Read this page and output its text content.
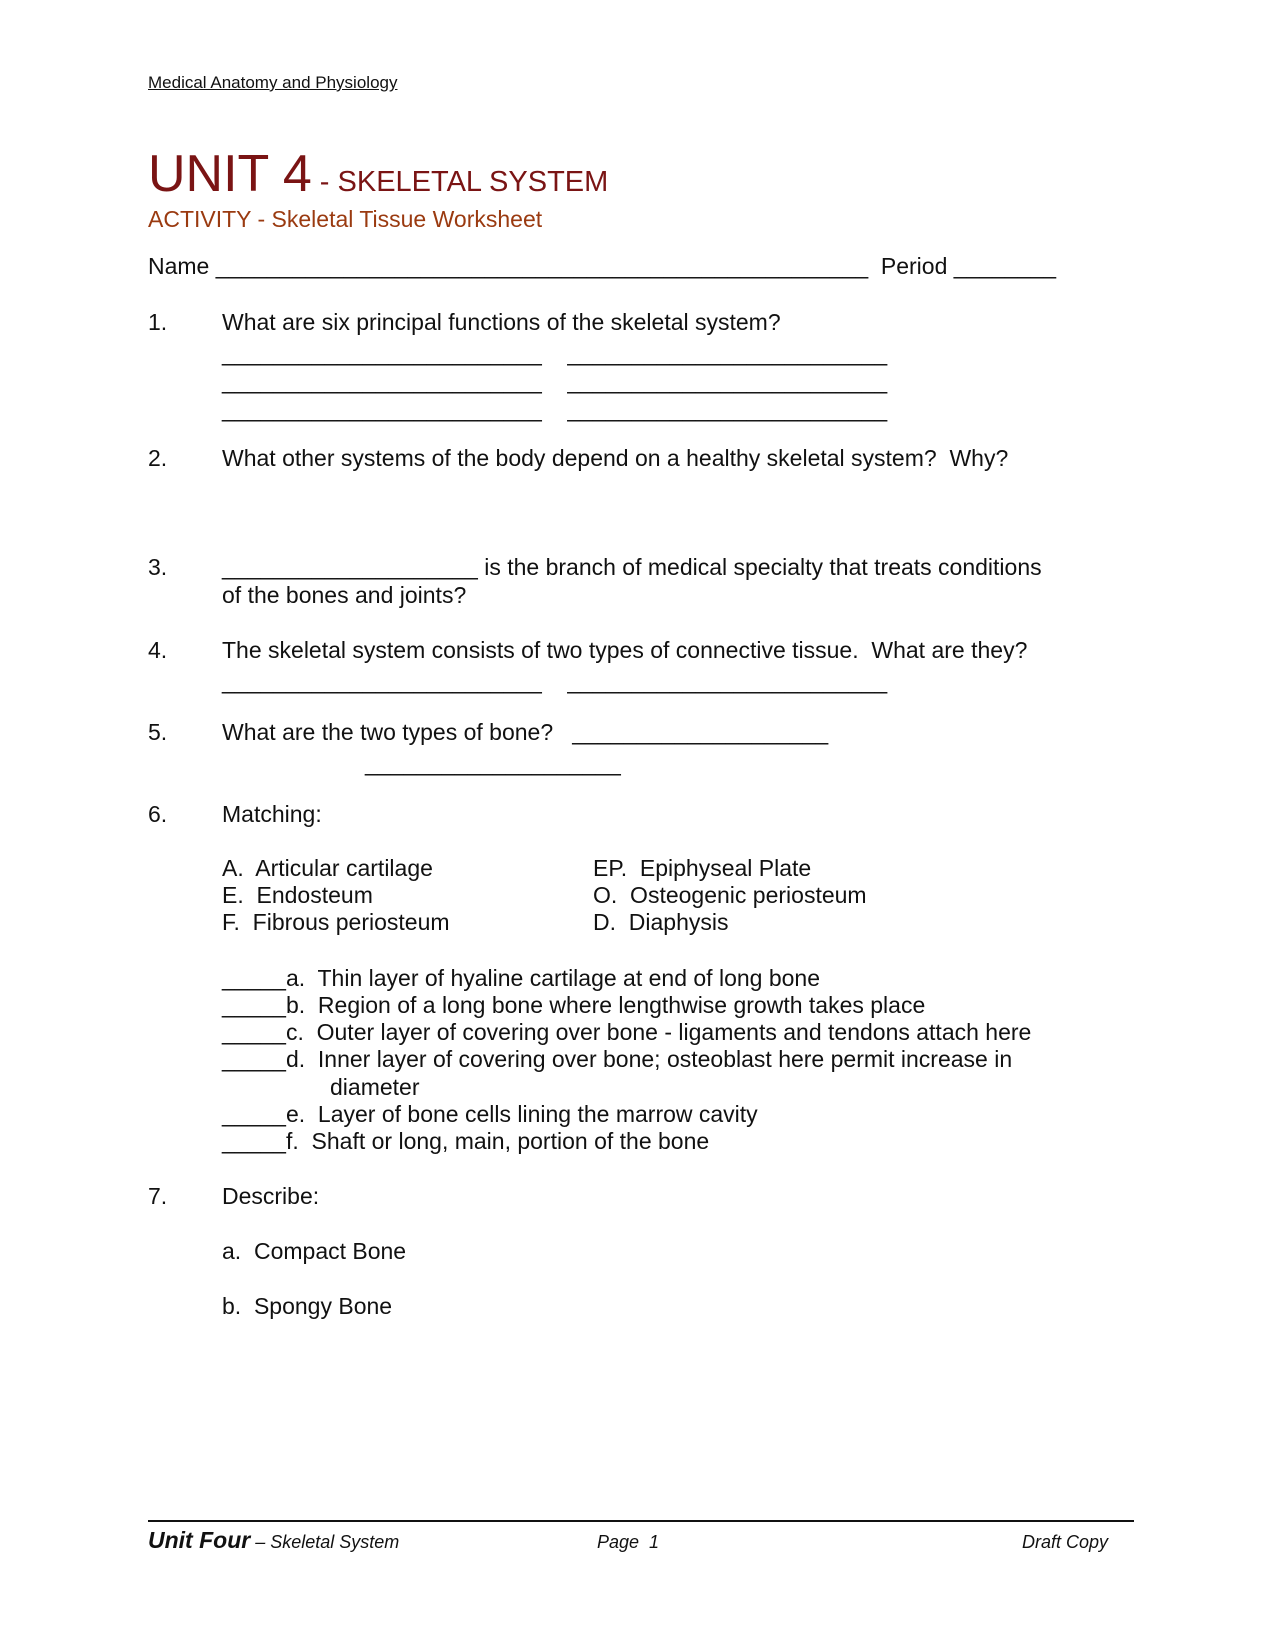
Medical Anatomy and Physiology
UNIT 4 - SKELETAL SYSTEM
ACTIVITY - Skeletal Tissue Worksheet
Name ___________________________________________________  Period ________
1. What are six principal functions of the skeletal system?
_________________________    _________________________
_________________________    _________________________
_________________________    _________________________
2. What other systems of the body depend on a healthy skeletal system?  Why?
3. ____________________ is the branch of medical specialty that treats conditions
of the bones and joints?
4. The skeletal system consists of two types of connective tissue.  What are they?
_________________________    _________________________
5. What are the two types of bone?   ____________________
____________________
6. Matching:
A.  Articular cartilage
E.  Endosteum
F.  Fibrous periosteum
EP.  Epiphyseal Plate
O.  Osteogenic periosteum
D.  Diaphysis
_____a.  Thin layer of hyaline cartilage at end of long bone
_____b.  Region of a long bone where lengthwise growth takes place
_____c.  Outer layer of covering over bone - ligaments and tendons attach here
_____d.  Inner layer of covering over bone; osteoblast here permit increase in
diameter
_____e.  Layer of bone cells lining the marrow cavity
_____f.  Shaft or long, main, portion of the bone
7. Describe:
a.  Compact Bone
b.  Spongy Bone
Unit Four – Skeletal System	Page  1	Draft Copy
